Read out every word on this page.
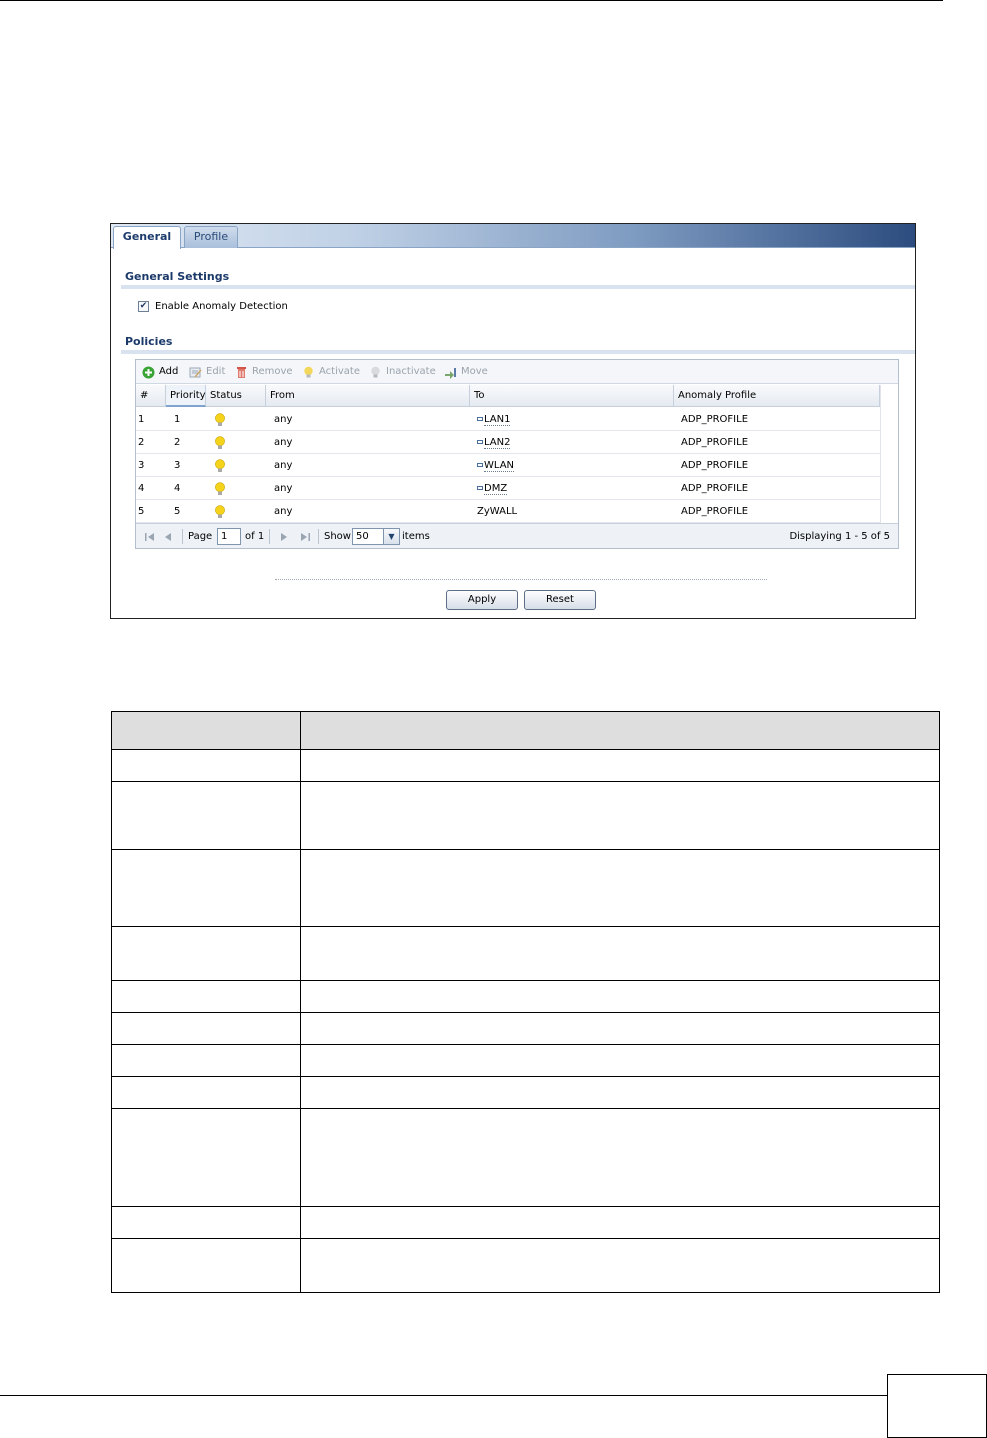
General	Profile
General Settings
✔ Enable Anomaly Detection
Policies
Add	Edit	Remove	Activate	Inactivate	Move
#	Priority Status	From	To	Anomaly Profile
1	1	any	LAN1	ADP_PROFILE
2	2	any	LAN2	ADP_PROFILE
3	3	any	WLAN	ADP_PROFILE
4	4	any	DMZ	ADP_PROFILE
5	5	any	ZyWALL	ADP_PROFILE
Page 1	of 1	Show 50	▼ items	Displaying 1 - 5 of 5
Apply	Reset
